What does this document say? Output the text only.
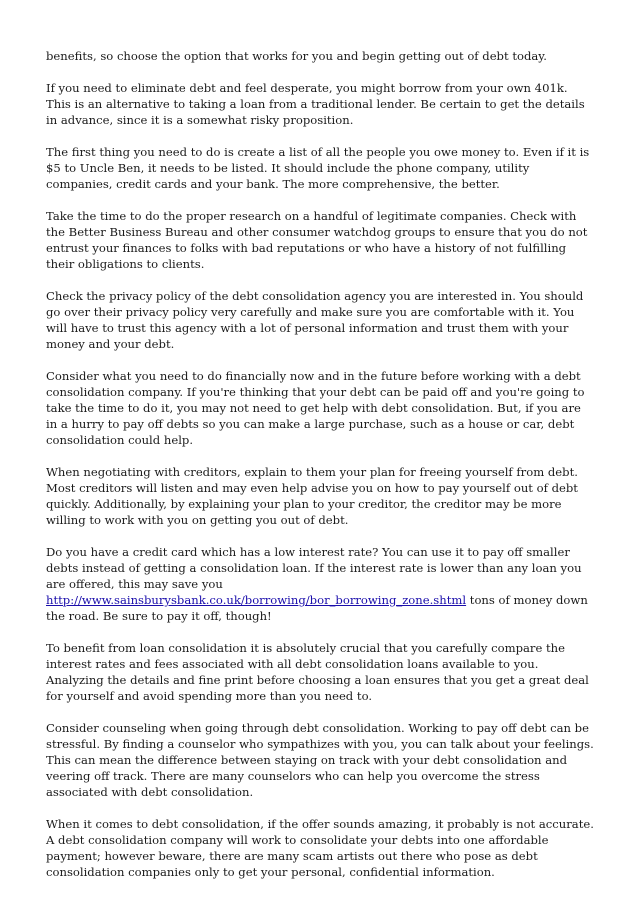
benefits, so choose the option that works for you and begin getting out of debt today.

If you need to eliminate debt and feel desperate, you might borrow from your own 401k. This is an alternative to taking a loan from a traditional lender. Be certain to get the details in advance, since it is a somewhat risky proposition.

The first thing you need to do is create a list of all the people you owe money to. Even if it is $5 to Uncle Ben, it needs to be listed. It should include the phone company, utility companies, credit cards and your bank. The more comprehensive, the better.

Take the time to do the proper research on a handful of legitimate companies. Check with the Better Business Bureau and other consumer watchdog groups to ensure that you do not entrust your finances to folks with bad reputations or who have a history of not fulfilling their obligations to clients.

Check the privacy policy of the debt consolidation agency you are interested in. You should go over their privacy policy very carefully and make sure you are comfortable with it. You will have to trust this agency with a lot of personal information and trust them with your money and your debt.

Consider what you need to do financially now and in the future before working with a debt consolidation company. If you're thinking that your debt can be paid off and you're going to take the time to do it, you may not need to get help with debt consolidation. But, if you are in a hurry to pay off debts so you can make a large purchase, such as a house or car, debt consolidation could help.

When negotiating with creditors, explain to them your plan for freeing yourself from debt. Most creditors will listen and may even help advise you on how to pay yourself out of debt quickly. Additionally, by explaining your plan to your creditor, the creditor may be more willing to work with you on getting you out of debt.

Do you have a credit card which has a low interest rate? You can use it to pay off smaller debts instead of getting a consolidation loan. If the interest rate is lower than any loan you are offered, this may save you http://www.sainsburysbank.co.uk/borrowing/bor_borrowing_zone.shtml tons of money down the road. Be sure to pay it off, though!

To benefit from loan consolidation it is absolutely crucial that you carefully compare the interest rates and fees associated with all debt consolidation loans available to you. Analyzing the details and fine print before choosing a loan ensures that you get a great deal for yourself and avoid spending more than you need to.

Consider counseling when going through debt consolidation. Working to pay off debt can be stressful. By finding a counselor who sympathizes with you, you can talk about your feelings. This can mean the difference between staying on track with your debt consolidation and veering off track. There are many counselors who can help you overcome the stress associated with debt consolidation.

When it comes to debt consolidation, if the offer sounds amazing, it probably is not accurate. A debt consolidation company will work to consolidate your debts into one affordable payment; however beware, there are many scam artists out there who pose as debt consolidation companies only to get your personal, confidential information.
